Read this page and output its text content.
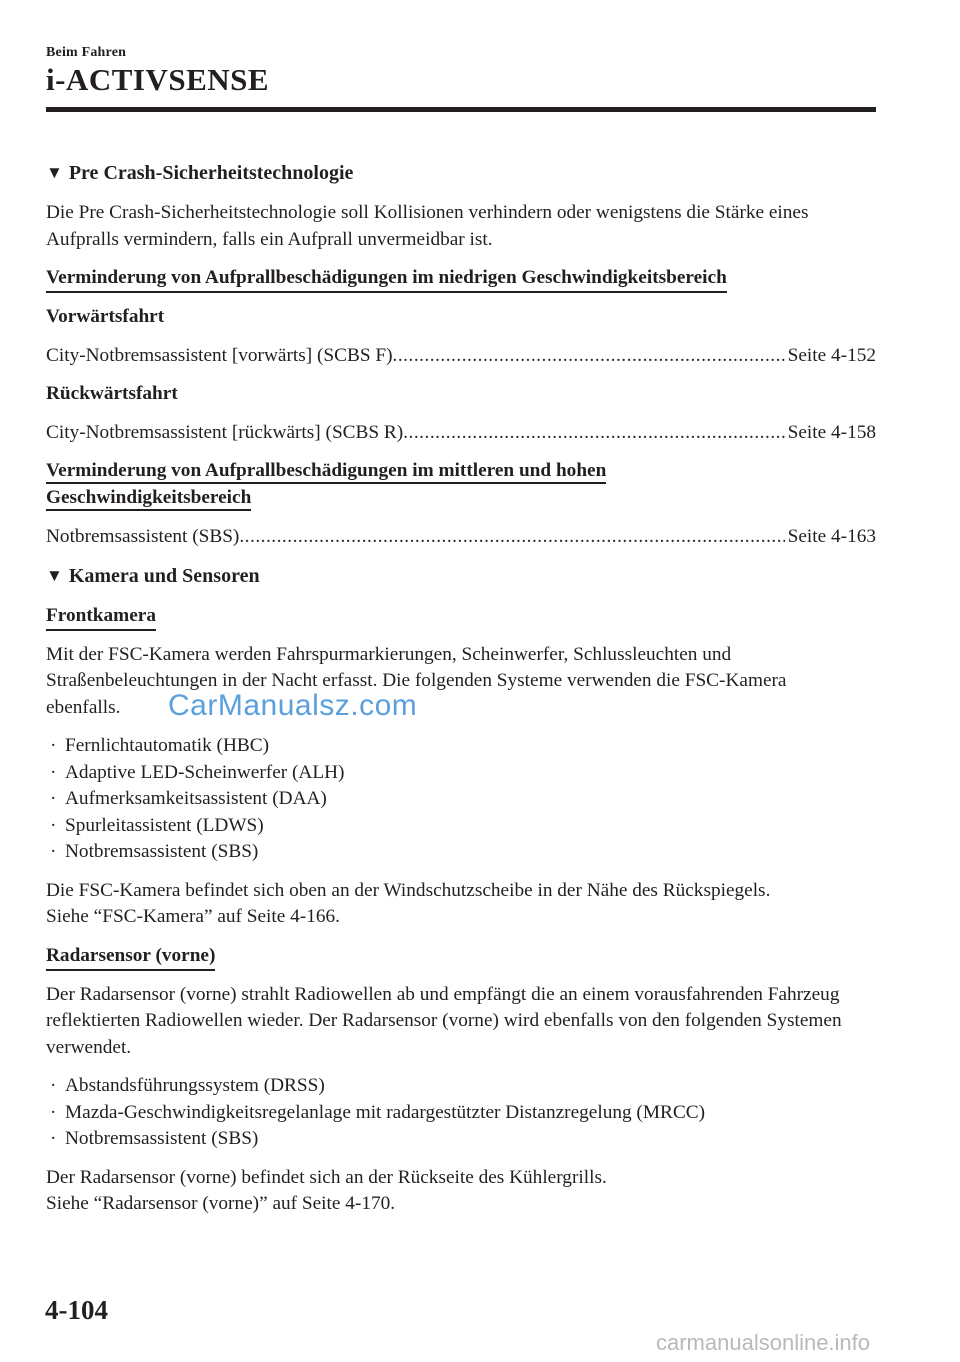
Beim Fahren
i-ACTIVSENSE
▼ Pre Crash-Sicherheitstechnologie

Die Pre Crash-Sicherheitstechnologie soll Kollisionen verhindern oder wenigstens die Stärke eines Aufpralls vermindern, falls ein Aufprall unvermeidbar ist.

Verminderung von Aufprallbeschädigungen im niedrigen Geschwindigkeitsbereich
Vorwärtsfahrt
City-Notbremsassistent [vorwärts] (SCBS F) .....	Seite 4-152
Rückwärtsfahrt
City-Notbremsassistent [rückwärts] (SCBS R) .....	Seite 4-158
Verminderung von Aufprallbeschädigungen im mittleren und hohen
Geschwindigkeitsbereich
Notbremsassistent (SBS) .....	Seite 4-163
▼ Kamera und Sensoren
Frontkamera

Mit der FSC-Kamera werden Fahrspurmarkierungen, Scheinwerfer, Schlussleuchten und Straßenbeleuchtungen in der Nacht erfasst. Die folgenden Systeme verwenden die FSC-Kamera ebenfalls.

· Fernlichtautomatik (HBC)
· Adaptive LED-Scheinwerfer (ALH)
· Aufmerksamkeitsassistent (DAA)
· Spurleitassistent (LDWS)
· Notbremsassistent (SBS)

Die FSC-Kamera befindet sich oben an der Windschutzscheibe in der Nähe des Rückspiegels.
Siehe “FSC-Kamera” auf Seite 4-166.

Radarsensor (vorne)

Der Radarsensor (vorne) strahlt Radiowellen ab und empfängt die an einem vorausfahrenden Fahrzeug reflektierten Radiowellen wieder. Der Radarsensor (vorne) wird ebenfalls von den folgenden Systemen verwendet.

· Abstandsführungssystem (DRSS)
· Mazda-Geschwindigkeitsregelanlage mit radargestützter Distanzregelung (MRCC)
· Notbremsassistent (SBS)

Der Radarsensor (vorne) befindet sich an der Rückseite des Kühlergrills.
Siehe “Radarsensor (vorne)” auf Seite 4-170.

4-104
CarManualsz.com
carmanualsonline.info
